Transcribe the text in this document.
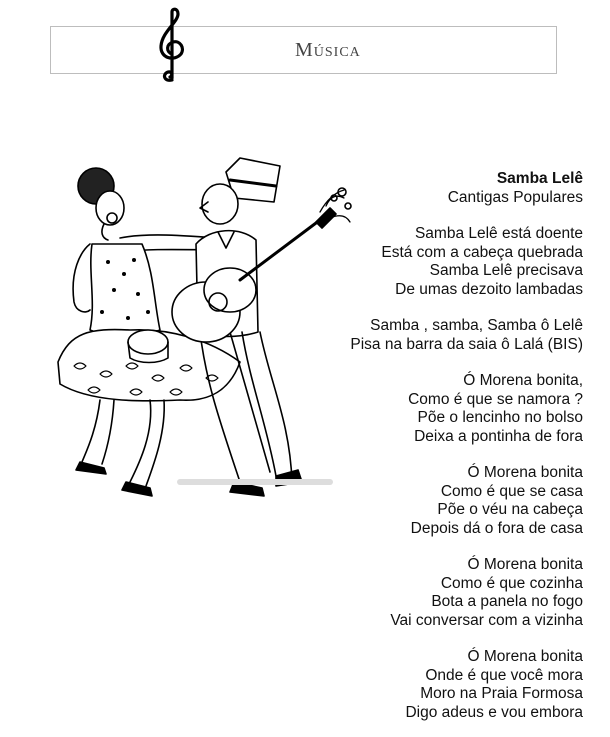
Música
Samba Lelê
Cantigas Populares
Samba Lelê está doente
Está com a cabeça quebrada
Samba Lelê precisava
De umas dezoito lambadas
Samba , samba, Samba ô Lelê
Pisa na barra da saia ô Lalá (BIS)
Ó Morena bonita,
Como é que se namora ?
Põe o lencinho no bolso
Deixa a pontinha de fora
Ó Morena bonita
Como é que se casa
Põe o véu na cabeça
Depois dá o fora de casa
Ó Morena bonita
Como é que cozinha
Bota a panela no fogo
Vai conversar com a vizinha
Ó Morena bonita
Onde é que você mora
Moro na Praia Formosa
Digo adeus e vou embora
